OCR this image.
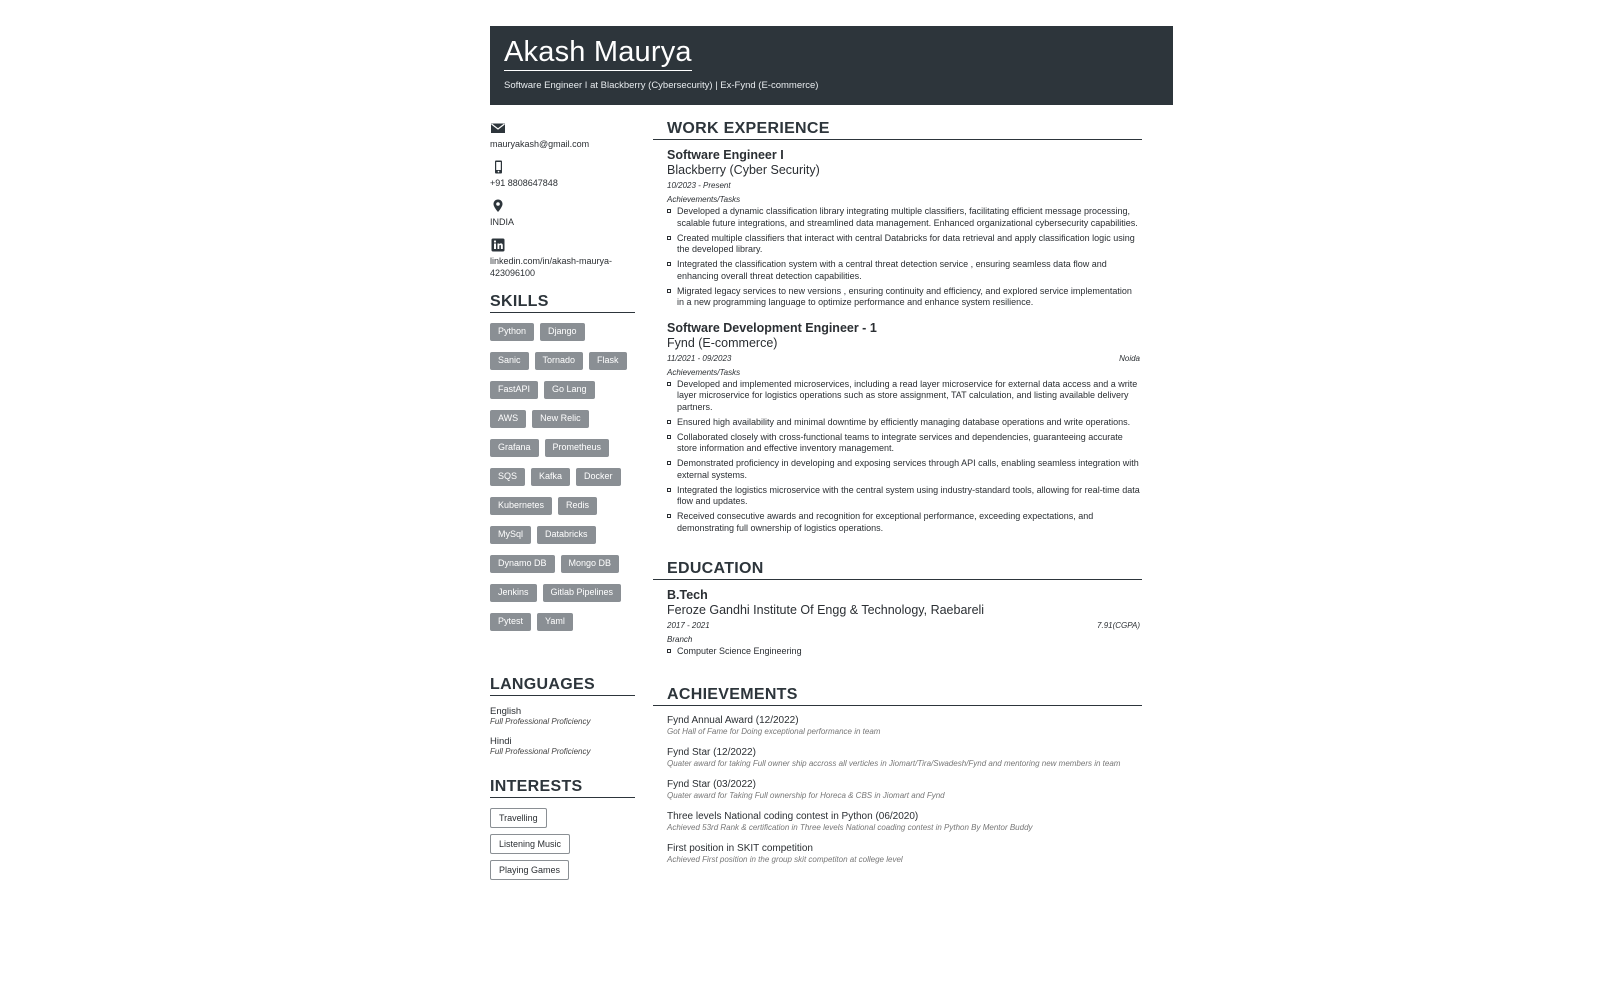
Akash Maurya
Software Engineer I at Blackberry (Cybersecurity) | Ex-Fynd (E-commerce)
mauryakash@gmail.com
+91 8808647848
INDIA
linkedin.com/in/akash-maurya-423096100
SKILLS
Python	Django
Sanic	Tornado	Flask
FastAPI	Go Lang
AWS	New Relic
Grafana	Prometheus
SQS	Kafka	Docker
Kubernetes	Redis
MySql	Databricks
Dynamo DB	Mongo DB
Jenkins	Gitlab Pipelines
Pytest	Yaml
LANGUAGES
English
Full Professional Proficiency
Hindi
Full Professional Proficiency
INTERESTS
Travelling
Listening Music
Playing Games
WORK EXPERIENCE
Software Engineer I
Blackberry (Cyber Security)
10/2023 - Present
Achievements/Tasks
Developed a dynamic classification library integrating multiple classifiers, facilitating efficient message processing, scalable future integrations, and streamlined data management. Enhanced organizational cybersecurity capabilities.
Created multiple classifiers that interact with central Databricks for data retrieval and apply classification logic using the developed library.
Integrated the classification system with a central threat detection service , ensuring seamless data flow and enhancing overall threat detection capabilities.
Migrated legacy services to new versions , ensuring continuity and efficiency, and explored service implementation in a new programming language to optimize performance and enhance system resilience.
Software Development Engineer - 1
Fynd (E-commerce)
11/2021 - 09/2023	Noida
Achievements/Tasks
Developed and implemented microservices, including a read layer microservice for external data access and a write layer microservice for logistics operations such as store assignment, TAT calculation, and listing available delivery partners.
Ensured high availability and minimal downtime by efficiently managing database operations and write operations.
Collaborated closely with cross-functional teams to integrate services and dependencies, guaranteeing accurate store information and effective inventory management.
Demonstrated proficiency in developing and exposing services through API calls, enabling seamless integration with external systems.
Integrated the logistics microservice with the central system using industry-standard tools, allowing for real-time data flow and updates.
Received consecutive awards and recognition for exceptional performance, exceeding expectations, and demonstrating full ownership of logistics operations.
EDUCATION
B.Tech
Feroze Gandhi Institute Of Engg & Technology, Raebareli
2017 - 2021	7.91(CGPA)
Branch
Computer Science Engineering
ACHIEVEMENTS
Fynd Annual Award (12/2022)
Got Hall of Fame for Doing exceptional performance in team
Fynd Star (12/2022)
Quater award for taking Full owner ship accross all verticles in Jiomart/Tira/Swadesh/Fynd and mentoring new members in team
Fynd Star (03/2022)
Quater award for Taking Full ownership for Horeca & CBS in Jiomart and Fynd
Three levels National coding contest in Python (06/2020)
Achieved 53rd Rank & certification in Three levels National coading contest in Python By Mentor Buddy
First position in SKIT competition
Achieved First position in the group skit competiton at college level
